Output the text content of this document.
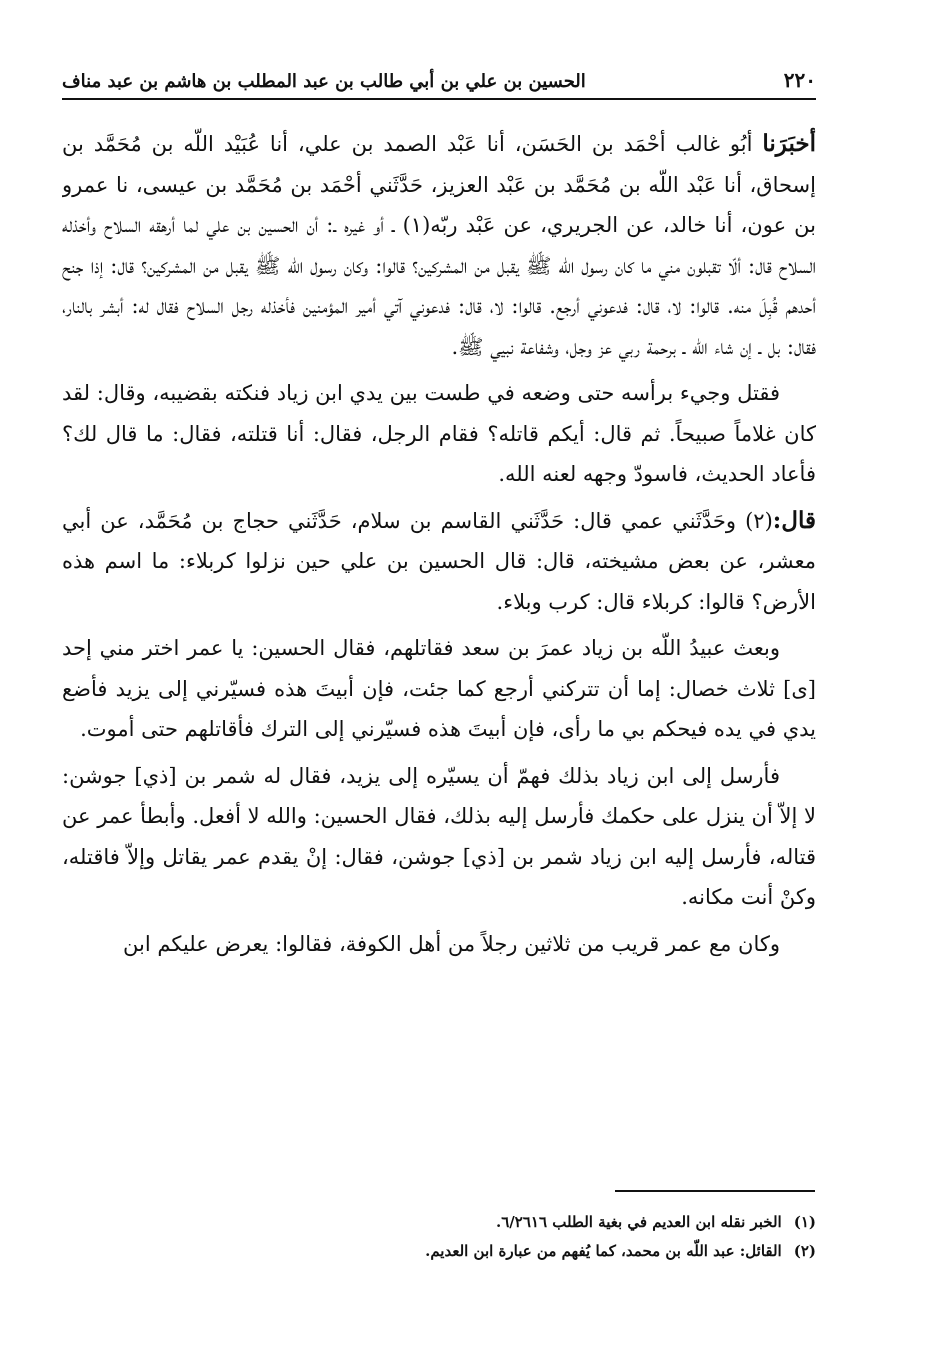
٢٢٠
الحسين بن علي بن أبي طالب بن عبد المطلب بن هاشم بن عبد مناف

أخبَرَنا أبُو غالب أحْمَد بن الحَسَن، أنا عَبْد الصمد بن علي، أنا عُبَيْد اللّه بن مُحَمَّد بن إسحاق، أنا عَبْد اللّه بن مُحَمَّد بن عَبْد العزيز، حَدَّثَني أحْمَد بن مُحَمَّد بن عيسى، نا عمرو بن عون، أنا خالد، عن الجريري، عن عَبْد ربّه(١) ـ أو غيره ـ: أن الحسين بن علي لما أرهقه السلاح وأخذله السلاح قال: ألّا تقبلون مني ما كان رسول الله ﷺ يقبل من المشركين؟ قالوا: وكان رسول الله ﷺ يقبل من المشركين؟ قال: إذا جنح أحدهم قُبِلَ منه. قالوا: لا، قال: فدعوني أرجع. قالوا: لا، قال: فدعوني آتي أمير المؤمنين فأخذله رجل السلاح فقال له: أبشر بالنار، فقال: بل ـ إن شاء الله ـ برحمة ربي عز وجل، وشفاعة نبيي ﷺ.

فقتل وجيء برأسه حتى وضعه في طست بين يدي ابن زياد فنكته بقضيبه، وقال: لقد كان غلاماً صبيحاً. ثم قال: أيكم قاتله؟ فقام الرجل، فقال: أنا قتلته، فقال: ما قال لك؟ فأعاد الحديث، فاسودّ وجهه لعنه الله.

قال:(٢) وحَدَّثَني عمي قال: حَدَّثَني القاسم بن سلام، حَدَّثَني حجاج بن مُحَمَّد، عن أبي معشر، عن بعض مشيخته، قال: قال الحسين بن علي حين نزلوا كربلاء: ما اسم هذه الأرض؟ قالوا: كربلاء قال: كرب وبلاء.

وبعث عبيدُ اللّه بن زياد عمرَ بن سعد فقاتلهم، فقال الحسين: يا عمر اختر مني إحد [ى] ثلاث خصال: إما أن تتركني أرجع كما جئت، فإن أبيتَ هذه فسيّرني إلى يزيد فأضع يدي في يده فيحكم بي ما رأى، فإن أبيتَ هذه فسيّرني إلى الترك فأقاتلهم حتى أموت.

فأرسل إلى ابن زياد بذلك فهمّ أن يسيّره إلى يزيد، فقال له شمر بن [ذي] جوشن: لا إلاّ أن ينزل على حكمك فأرسل إليه بذلك، فقال الحسين: والله لا أفعل. وأبطأ عمر عن قتاله، فأرسل إليه ابن زياد شمر بن [ذي] جوشن، فقال: إنْ يقدم عمر يقاتل وإلاّ فاقتله، وكنْ أنت مكانه.

وكان مع عمر قريب من ثلاثين رجلاً من أهل الكوفة، فقالوا: يعرض عليكم ابن

(١)الخبر نقله ابن العديم في بغية الطلب ٦/٢٦١٦.

(٢)القائل: عبد اللّه بن محمد، كما يُفهم من عبارة ابن العديم.
